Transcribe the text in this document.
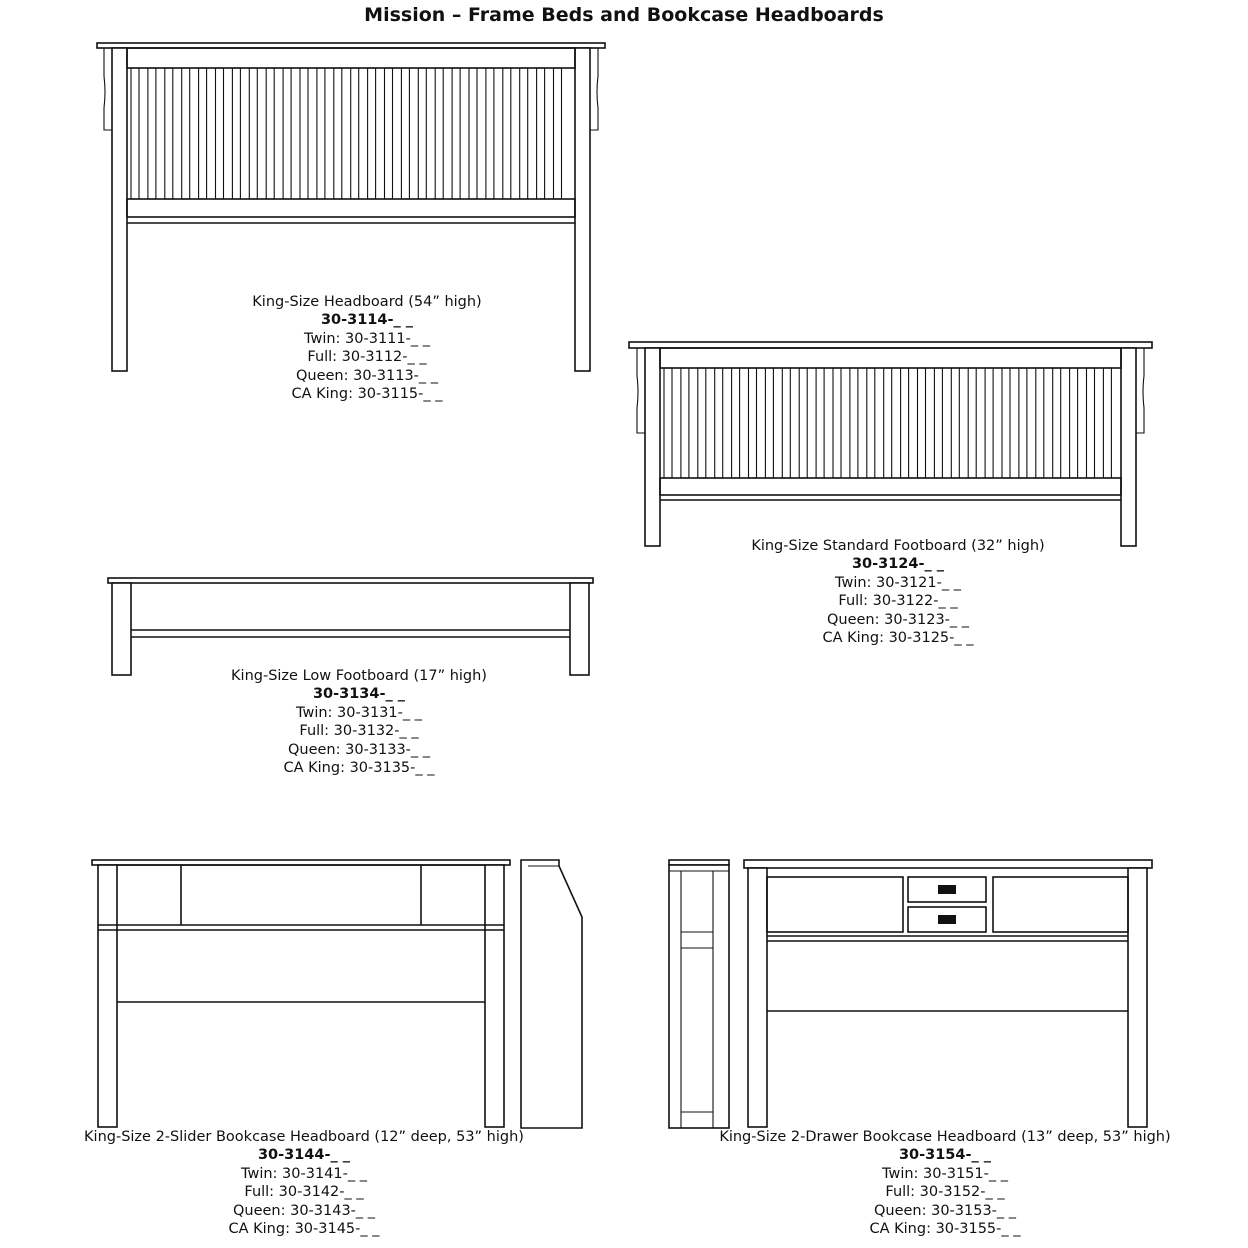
Mission – Frame Beds and Bookcase Headboards
King-Size Headboard (54” high)
30-3114-_ _
Twin: 30-3111-_ _
Full: 30-3112-_ _
Queen: 30-3113-_ _
CA King: 30-3115-_ _
King-Size Standard Footboard (32” high)
30-3124-_ _
Twin: 30-3121-_ _
Full: 30-3122-_ _
Queen: 30-3123-_ _
CA King: 30-3125-_ _
King-Size Low Footboard (17” high)
30-3134-_ _
Twin: 30-3131-_ _
Full: 30-3132-_ _
Queen: 30-3133-_ _
CA King: 30-3135-_ _
King-Size 2-Slider Bookcase Headboard (12” deep, 53” high)
30-3144-_ _
Twin: 30-3141-_ _
Full: 30-3142-_ _
Queen: 30-3143-_ _
CA King: 30-3145-_ _
King-Size 2-Drawer Bookcase Headboard (13” deep, 53” high)
30-3154-_ _
Twin: 30-3151-_ _
Full: 30-3152-_ _
Queen: 30-3153-_ _
CA King: 30-3155-_ _
